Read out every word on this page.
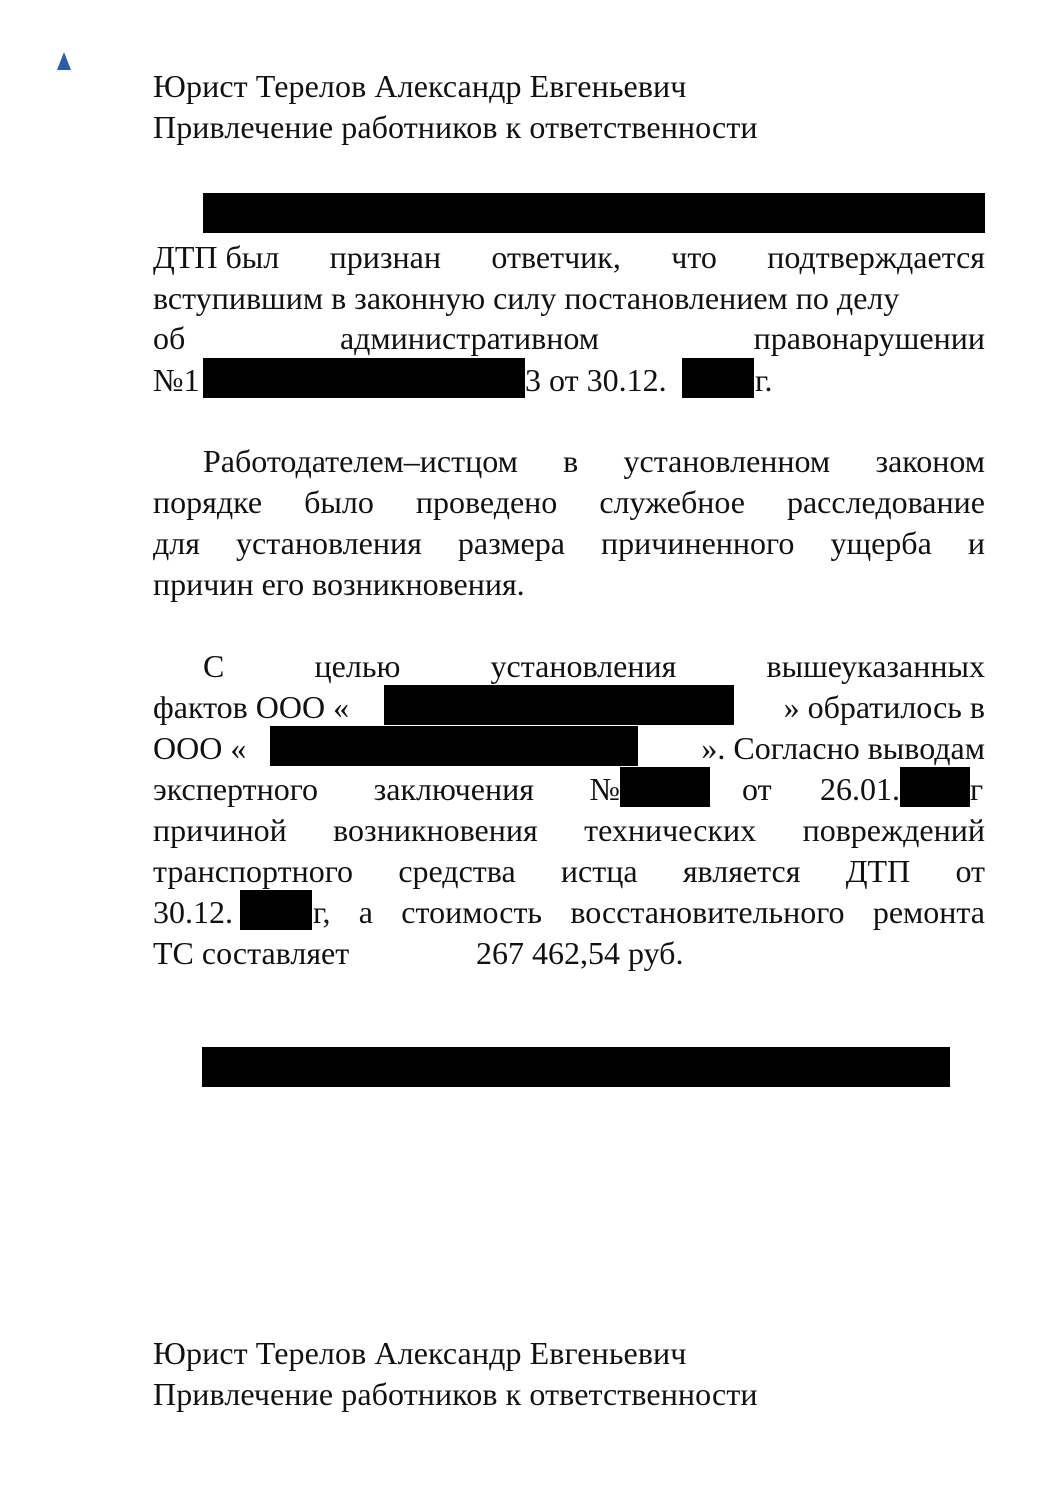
Юрист Терелов Александр Евгеньевич
Привлечение работников к ответственности
ДТП был признан ответчик, что подтверждается
вступившим в законную силу постановлением по делу
об	административном	правонарушении
№1	3 от 30.12.	г.
Работодателем–истцом в установленном законом
порядке было проведено служебное расследование
для установления размера причиненного ущерба и
причин его возникновения.
С	целью	установления	вышеуказанных
фактов ООО «	» обратилось в
ООО «	». Согласно выводам
экспертного заключения №	от 26.01. г
причиной возникновения технических повреждений
транспортного средства истца является ДТП от
30.12.	г, а стоимость восстановительного ремонта
ТС составляет	267 462,54 руб.
Юрист Терелов Александр Евгеньевич
Привлечение работников к ответственности
